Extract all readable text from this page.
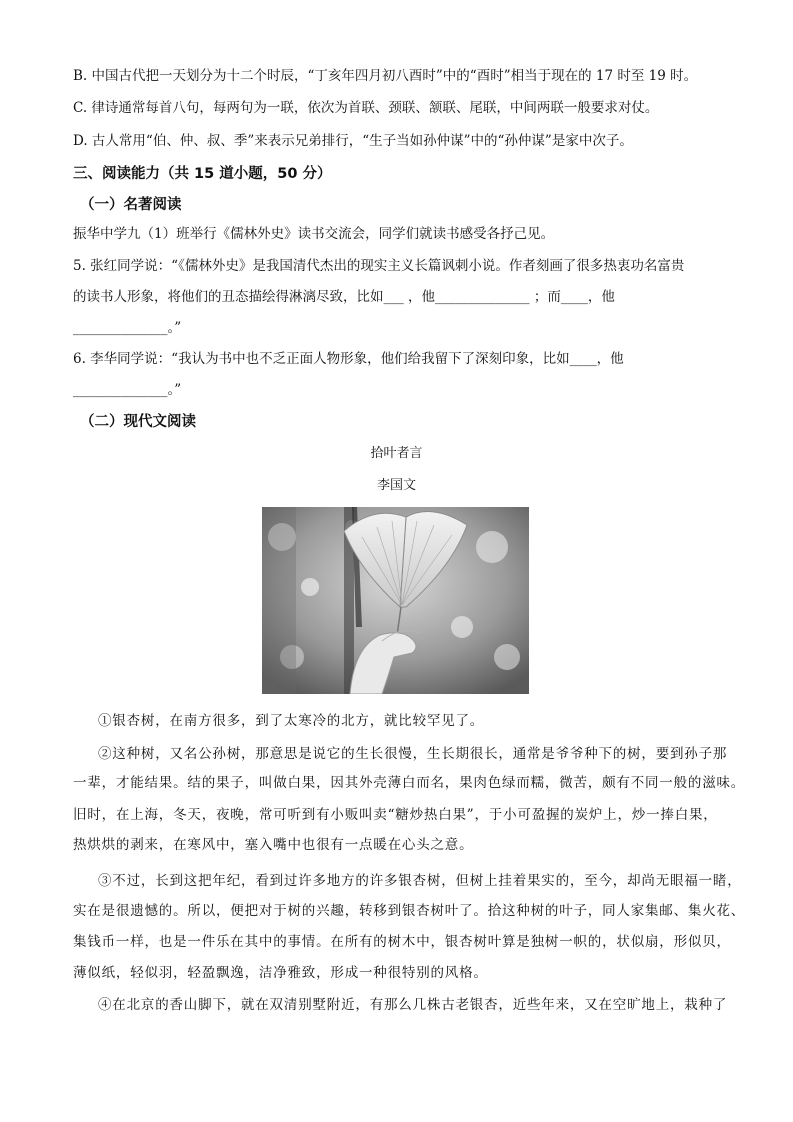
B. 中国古代把一天划分为十二个时辰，“丁亥年四月初八酉时”中的“酉时”相当于现在的 17 时至 19 时。
C. 律诗通常每首八句，每两句为一联，依次为首联、颈联、颔联、尾联，中间两联一般要求对仗。
D. 古人常用“伯、仲、叔、季”来表示兄弟排行，“生子当如孙仲谋”中的“孙仲谋”是家中次子。
三、阅读能力（共 15 道小题，50 分）
（一）名著阅读
振华中学九（1）班举行《儒林外史》读书交流会，同学们就读书感受各抒己见。
5. 张红同学说：“《儒林外史》是我国清代杰出的现实主义长篇讽刺小说。作者刻画了很多热衷功名富贵
的读书人形象，将他们的丑态描绘得淋漓尽致，比如___ ，他______________ ；而____，他
______________。”
6. 李华同学说：“我认为书中也不乏正面人物形象，他们给我留下了深刻印象，比如____，他
______________。”
（二）现代文阅读
拾叶者言
李国文
①银杏树，在南方很多，到了太寒冷的北方，就比较罕见了。
②这种树，又名公孙树，那意思是说它的生长很慢，生长期很长，通常是爷爷种下的树，要到孙子那
一辈，才能结果。结的果子，叫做白果，因其外壳薄白而名，果肉色绿而糯，微苦，颇有不同一般的滋味。
旧时，在上海，冬天，夜晚，常可听到有小贩叫卖“糖炒热白果”，于小可盈握的炭炉上，炒一捧白果，
热烘烘的剥来，在寒风中，塞入嘴中也很有一点暖在心头之意。
③不过，长到这把年纪，看到过许多地方的许多银杏树，但树上挂着果实的，至今，却尚无眼福一睹，
实在是很遗憾的。所以，便把对于树的兴趣，转移到银杏树叶了。拾这种树的叶子，同人家集邮、集火花、
集钱币一样，也是一件乐在其中的事情。在所有的树木中，银杏树叶算是独树一帜的，状似扇，形似贝，
薄似纸，轻似羽，轻盈飘逸，洁净雅致，形成一种很特别的风格。
④在北京的香山脚下，就在双清别墅附近，有那么几株古老银杏，近些年来，又在空旷地上，栽种了
